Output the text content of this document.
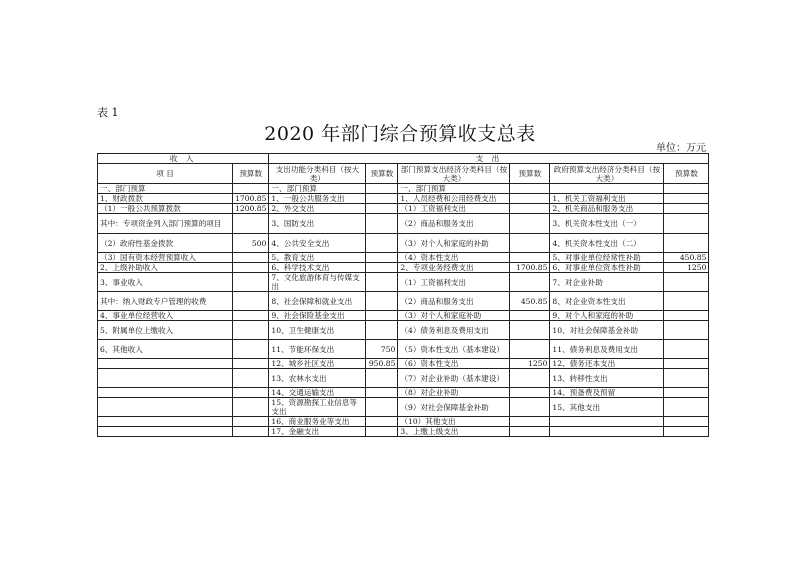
表 1
2020 年部门综合预算收支总表
单位：万元
收 入		支 出					
项 目	预算数	支出功能分类科目（按大类）	预算数	部门预算支出经济分类科目（按大类）	预算数	政府预算支出经济分类科目（按大类）	预算数
一、部门预算		一、部门预算		一、部门预算			
1、财政拨款	1700.85	1、一般公共服务支出		1、人员经费和公用经费支出		1、机关工资福利支出	
（1）一般公共预算拨款	1200.85	2、外交支出		（1）工资福利支出		2、机关商品和服务支出	
其中：专项资金列入部门预算的项目		3、国防支出		（2）商品和服务支出		3、机关资本性支出（一）	
（2）政府性基金拨款	500	4、公共安全支出		（3）对个人和家庭的补助		4、机关资本性支出（二）	
（3）国有资本经营预算收入		5、教育支出		（4）资本性支出		5、对事业单位经常性补助	450.85
2、上级补助收入		6、科学技术支出		2、专项业务经费支出	1700.85	6、对事业单位资本性补助	1250
3、事业收入		7、文化旅游体育与传媒支出		（1）工资福利支出		7、对企业补助	
其中：纳入财政专户管理的收费		8、社会保障和就业支出		（2）商品和服务支出	450.85	8、对企业资本性支出	
4、事业单位经营收入		9、社会保险基金支出		（3）对个人和家庭补助		9、对个人和家庭的补助	
5、附属单位上缴收入		10、卫生健康支出		（4）债务利息及费用支出		10、对社会保障基金补助	
6、其他收入		11、节能环保支出	750	（5）资本性支出（基本建设）		11、债务利息及费用支出	
		12、城乡社区支出	950.85	（6）资本性支出	1250	12、债务还本支出	
		13、农林水支出		（7）对企业补助（基本建设）		13、转移性支出	
		14、交通运输支出		（8）对企业补助		14、预备费及预留	
		15、资源勘探工业信息等支出		（9）对社会保障基金补助		15、其他支出	
		16、商业服务业等支出		（10）其他支出			
		17、金融支出		3、上缴上级支出			
